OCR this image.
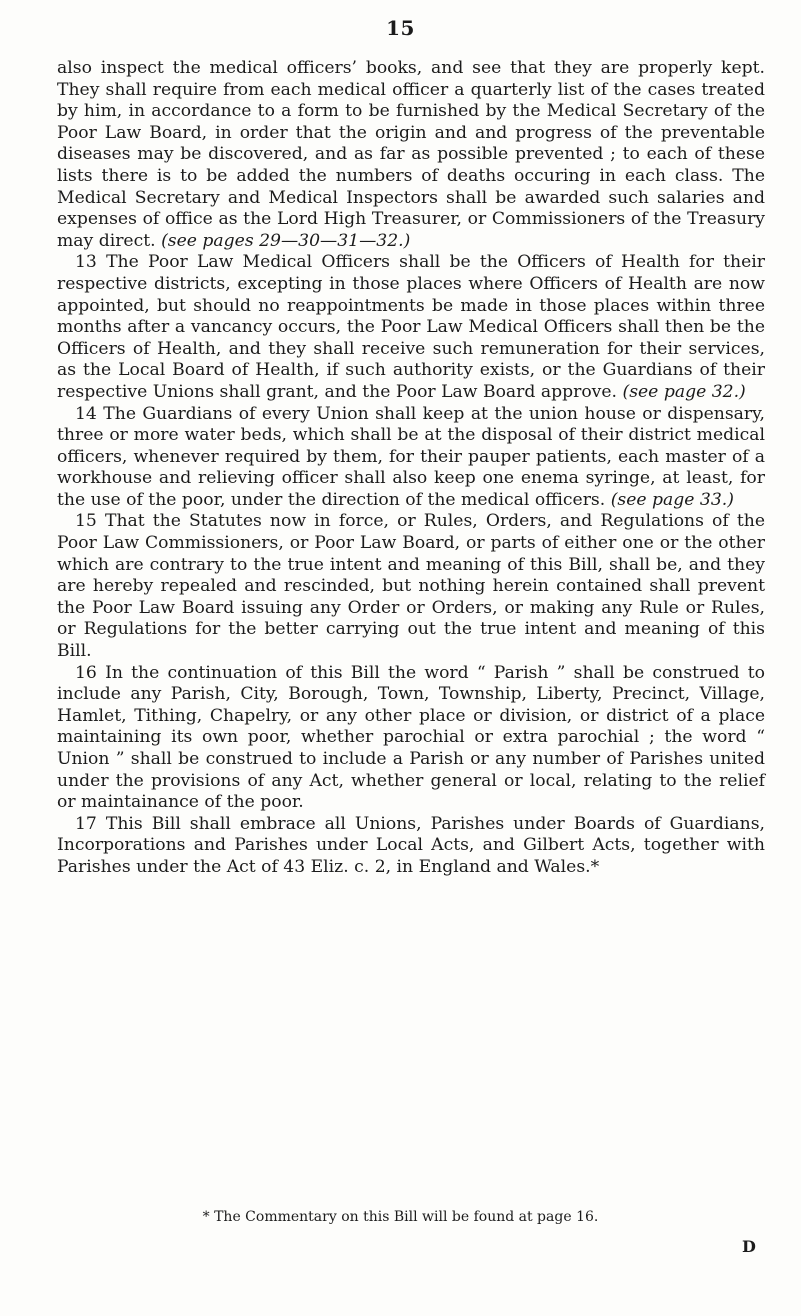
15

also inspect the medical officers’ books, and see that they are properly kept. They shall require from each medical officer a quarterly list of the cases treated by him, in accordance to a form to be furnished by the Medical Secretary of the Poor Law Board, in order that the origin and and progress of the preventable diseases may be discovered, and as far as possible prevented ; to each of these lists there is to be added the numbers of deaths occuring in each class. The Medical Secretary and Medical Inspectors shall be awarded such salaries and expenses of office as the Lord High Treasurer, or Commissioners of the Treasury may direct. (see pages 29—30—31—32.)

13 The Poor Law Medical Officers shall be the Officers of Health for their respective districts, excepting in those places where Officers of Health are now appointed, but should no reappointments be made in those places within three months after a vancancy occurs, the Poor Law Medical Officers shall then be the Officers of Health, and they shall receive such remuneration for their services, as the Local Board of Health, if such authority exists, or the Guardians of their respective Unions shall grant, and the Poor Law Board approve. (see page 32.)

14 The Guardians of every Union shall keep at the union house or dispensary, three or more water beds, which shall be at the disposal of their district medical officers, whenever required by them, for their pauper patients, each master of a workhouse and relieving officer shall also keep one enema syringe, at least, for the use of the poor, under the direction of the medical officers. (see page 33.)

15 That the Statutes now in force, or Rules, Orders, and Regulations of the Poor Law Commissioners, or Poor Law Board, or parts of either one or the other which are contrary to the true intent and meaning of this Bill, shall be, and they are hereby repealed and rescinded, but nothing herein contained shall prevent the Poor Law Board issuing any Order or Orders, or making any Rule or Rules, or Regulations for the better carrying out the true intent and meaning of this Bill.

16 In the continuation of this Bill the word “ Parish ” shall be construed to include any Parish, City, Borough, Town, Township, Liberty, Precinct, Village, Hamlet, Tithing, Chapelry, or any other place or division, or district of a place maintaining its own poor, whether parochial or extra parochial ; the word “ Union ” shall be construed to include a Parish or any number of Parishes united under the provisions of any Act, whether general or local, relating to the relief or maintainance of the poor.

17 This Bill shall embrace all Unions, Parishes under Boards of Guardians, Incorporations and Parishes under Local Acts, and Gilbert Acts, together with Parishes under the Act of 43 Eliz. c. 2, in England and Wales.*

* The Commentary on this Bill will be found at page 16.
D
